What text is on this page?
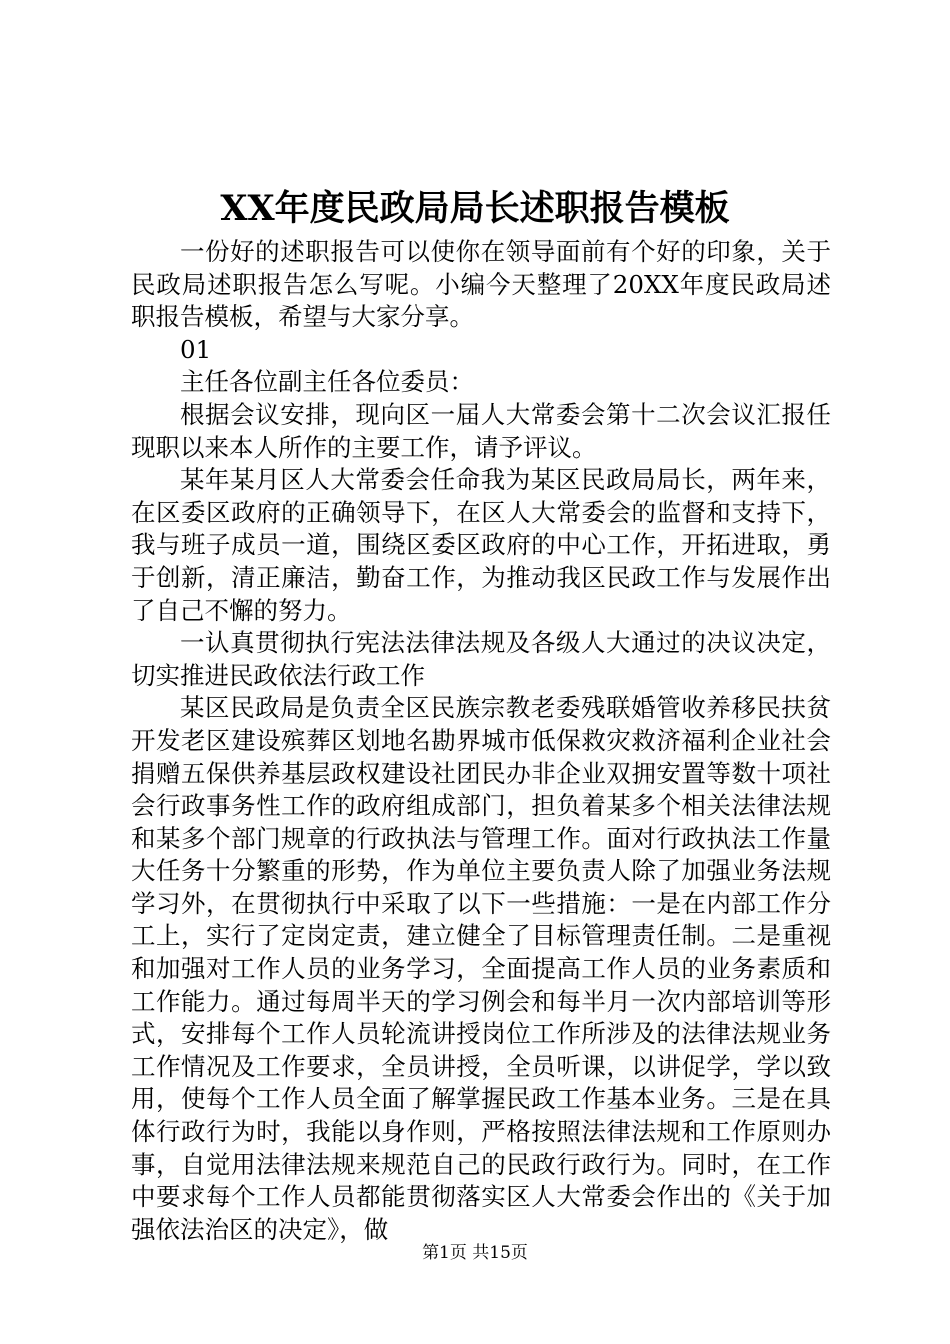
XX年度民政局局长述职报告模板

一份好的述职报告可以使你在领导面前有个好的印象，关于民政局述职报告怎么写呢。小编今天整理了20XX年度民政局述职报告模板，希望与大家分享。

01

主任各位副主任各位委员：

根据会议安排，现向区一届人大常委会第十二次会议汇报任现职以来本人所作的主要工作，请予评议。

某年某月区人大常委会任命我为某区民政局局长，两年来，在区委区政府的正确领导下，在区人大常委会的监督和支持下，我与班子成员一道，围绕区委区政府的中心工作，开拓进取，勇于创新，清正廉洁，勤奋工作，为推动我区民政工作与发展作出了自己不懈的努力。

一认真贯彻执行宪法法律法规及各级人大通过的决议决定，切实推进民政依法行政工作

某区民政局是负责全区民族宗教老委残联婚管收养移民扶贫开发老区建设殡葬区划地名勘界城市低保救灾救济福利企业社会捐赠五保供养基层政权建设社团民办非企业双拥安置等数十项社会行政事务性工作的政府组成部门，担负着某多个相关法律法规和某多个部门规章的行政执法与管理工作。面对行政执法工作量大任务十分繁重的形势，作为单位主要负责人除了加强业务法规学习外，在贯彻执行中采取了以下一些措施：一是在内部工作分工上，实行了定岗定责，建立健全了目标管理责任制。二是重视和加强对工作人员的业务学习，全面提高工作人员的业务素质和工作能力。通过每周半天的学习例会和每半月一次内部培训等形式，安排每个工作人员轮流讲授岗位工作所涉及的法律法规业务工作情况及工作要求，全员讲授，全员听课，以讲促学，学以致用，使每个工作人员全面了解掌握民政工作基本业务。三是在具体行政行为时，我能以身作则，严格按照法律法规和工作原则办事，自觉用法律法规来规范自己的民政行政行为。同时，在工作中要求每个工作人员都能贯彻落实区人大常委会作出的《关于加强依法治区的决定》，做

第1页 共15页
